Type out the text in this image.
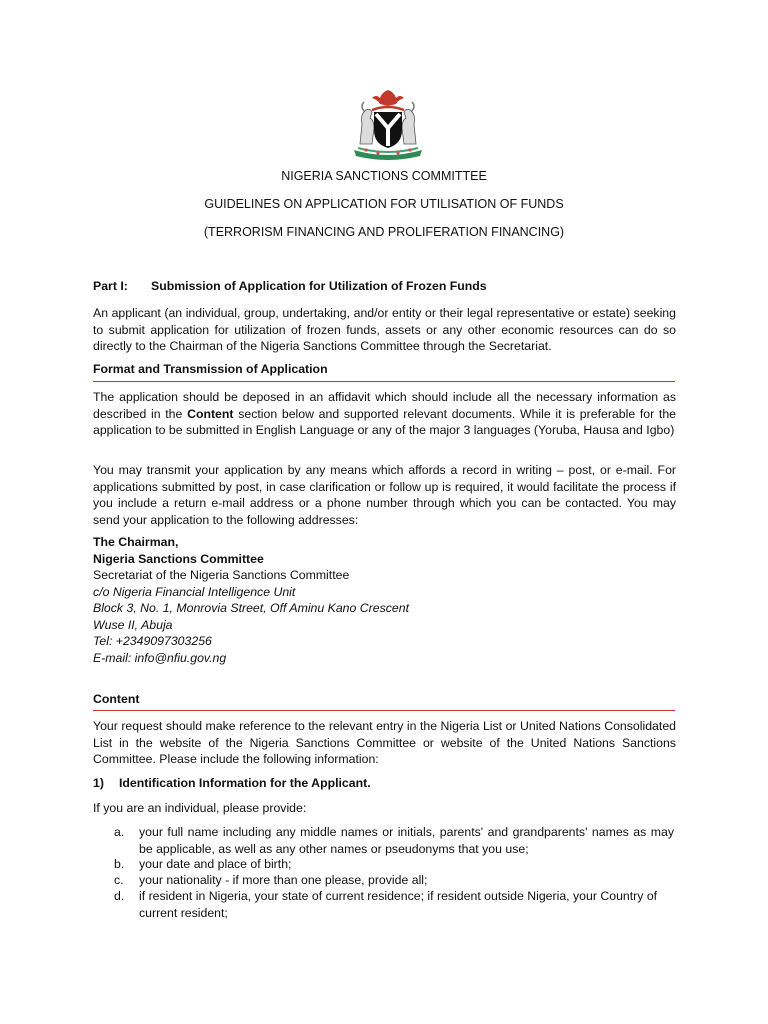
NIGERIA SANCTIONS COMMITTEE
GUIDELINES ON APPLICATION FOR UTILISATION OF FUNDS
(TERRORISM FINANCING AND PROLIFERATION FINANCING)
Part I: Submission of Application for Utilization of Frozen Funds
An applicant (an individual, group, undertaking, and/or entity or their legal representative or estate) seeking to submit application for utilization of frozen funds, assets or any other economic resources can do so directly to the Chairman of the Nigeria Sanctions Committee through the Secretariat.
Format and Transmission of Application
The application should be deposed in an affidavit which should include all the necessary information as described in the Content section below and supported relevant documents. While it is preferable for the application to be submitted in English Language or any of the major 3 languages (Yoruba, Hausa and Igbo)
You may transmit your application by any means which affords a record in writing – post, or e-mail. For applications submitted by post, in case clarification or follow up is required, it would facilitate the process if you include a return e-mail address or a phone number through which you can be contacted. You may send your application to the following addresses:
The Chairman,
Nigeria Sanctions Committee
Secretariat of the Nigeria Sanctions Committee
c/o Nigeria Financial Intelligence Unit
Block 3, No. 1, Monrovia Street, Off Aminu Kano Crescent
Wuse II, Abuja
Tel: +2349097303256
E-mail: info@nfiu.gov.ng
Content
Your request should make reference to the relevant entry in the Nigeria List or United Nations Consolidated List in the website of the Nigeria Sanctions Committee or website of the United Nations Sanctions Committee. Please include the following information:
1) Identification Information for the Applicant.
If you are an individual, please provide:
a.	your full name including any middle names or initials, parents' and grandparents' names as may be applicable, as well as any other names or pseudonyms that you use;
b.	your date and place of birth;
c.	your nationality - if more than one please, provide all;
d.	if resident in Nigeria, your state of current residence; if resident outside Nigeria, your Country of current resident;
